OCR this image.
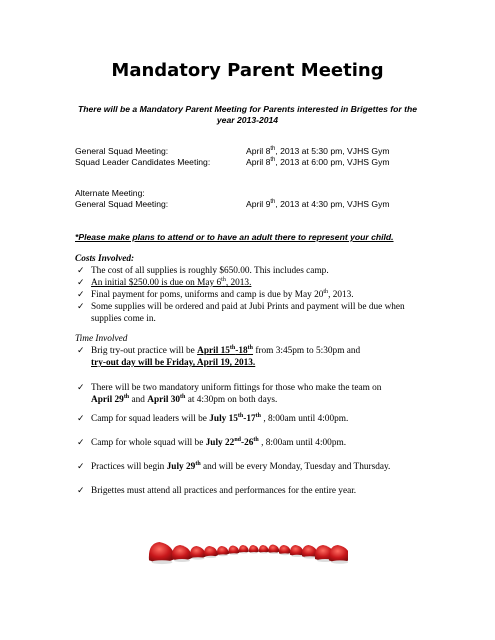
Mandatory Parent Meeting
There will be a Mandatory Parent Meeting for Parents interested in Brigettes for the year 2013-2014
General Squad Meeting:	April 8th, 2013 at 5:30 pm, VJHS Gym
Squad Leader Candidates Meeting:	April 8th, 2013 at 6:00 pm, VJHS Gym
Alternate Meeting:
General Squad Meeting:	April 9th, 2013 at 4:30 pm, VJHS Gym
*Please make plans to attend or to have an adult there to represent your child.
Costs Involved:
✓ The cost of all supplies is roughly $650.00. This includes camp.
✓ An initial $250.00 is due on May 6th, 2013.
✓ Final payment for poms, uniforms and camp is due by May 20th, 2013.
✓ Some supplies will be ordered and paid at Jubi Prints and payment will be due when supplies come in.
Time Involved
✓ Brig try-out practice will be April 15th-18th from 3:45pm to 5:30pm and
try-out day will be Friday, April 19, 2013.
✓ There will be two mandatory uniform fittings for those who make the team on
April 29th and April 30th at 4:30pm on both days.
✓ Camp for squad leaders will be July 15th-17th , 8:00am until 4:00pm.
✓ Camp for whole squad will be July 22nd-26th , 8:00am until 4:00pm.
✓ Practices will begin July 29th and will be every Monday, Tuesday and Thursday.
✓ Brigettes must attend all practices and performances for the entire year.
